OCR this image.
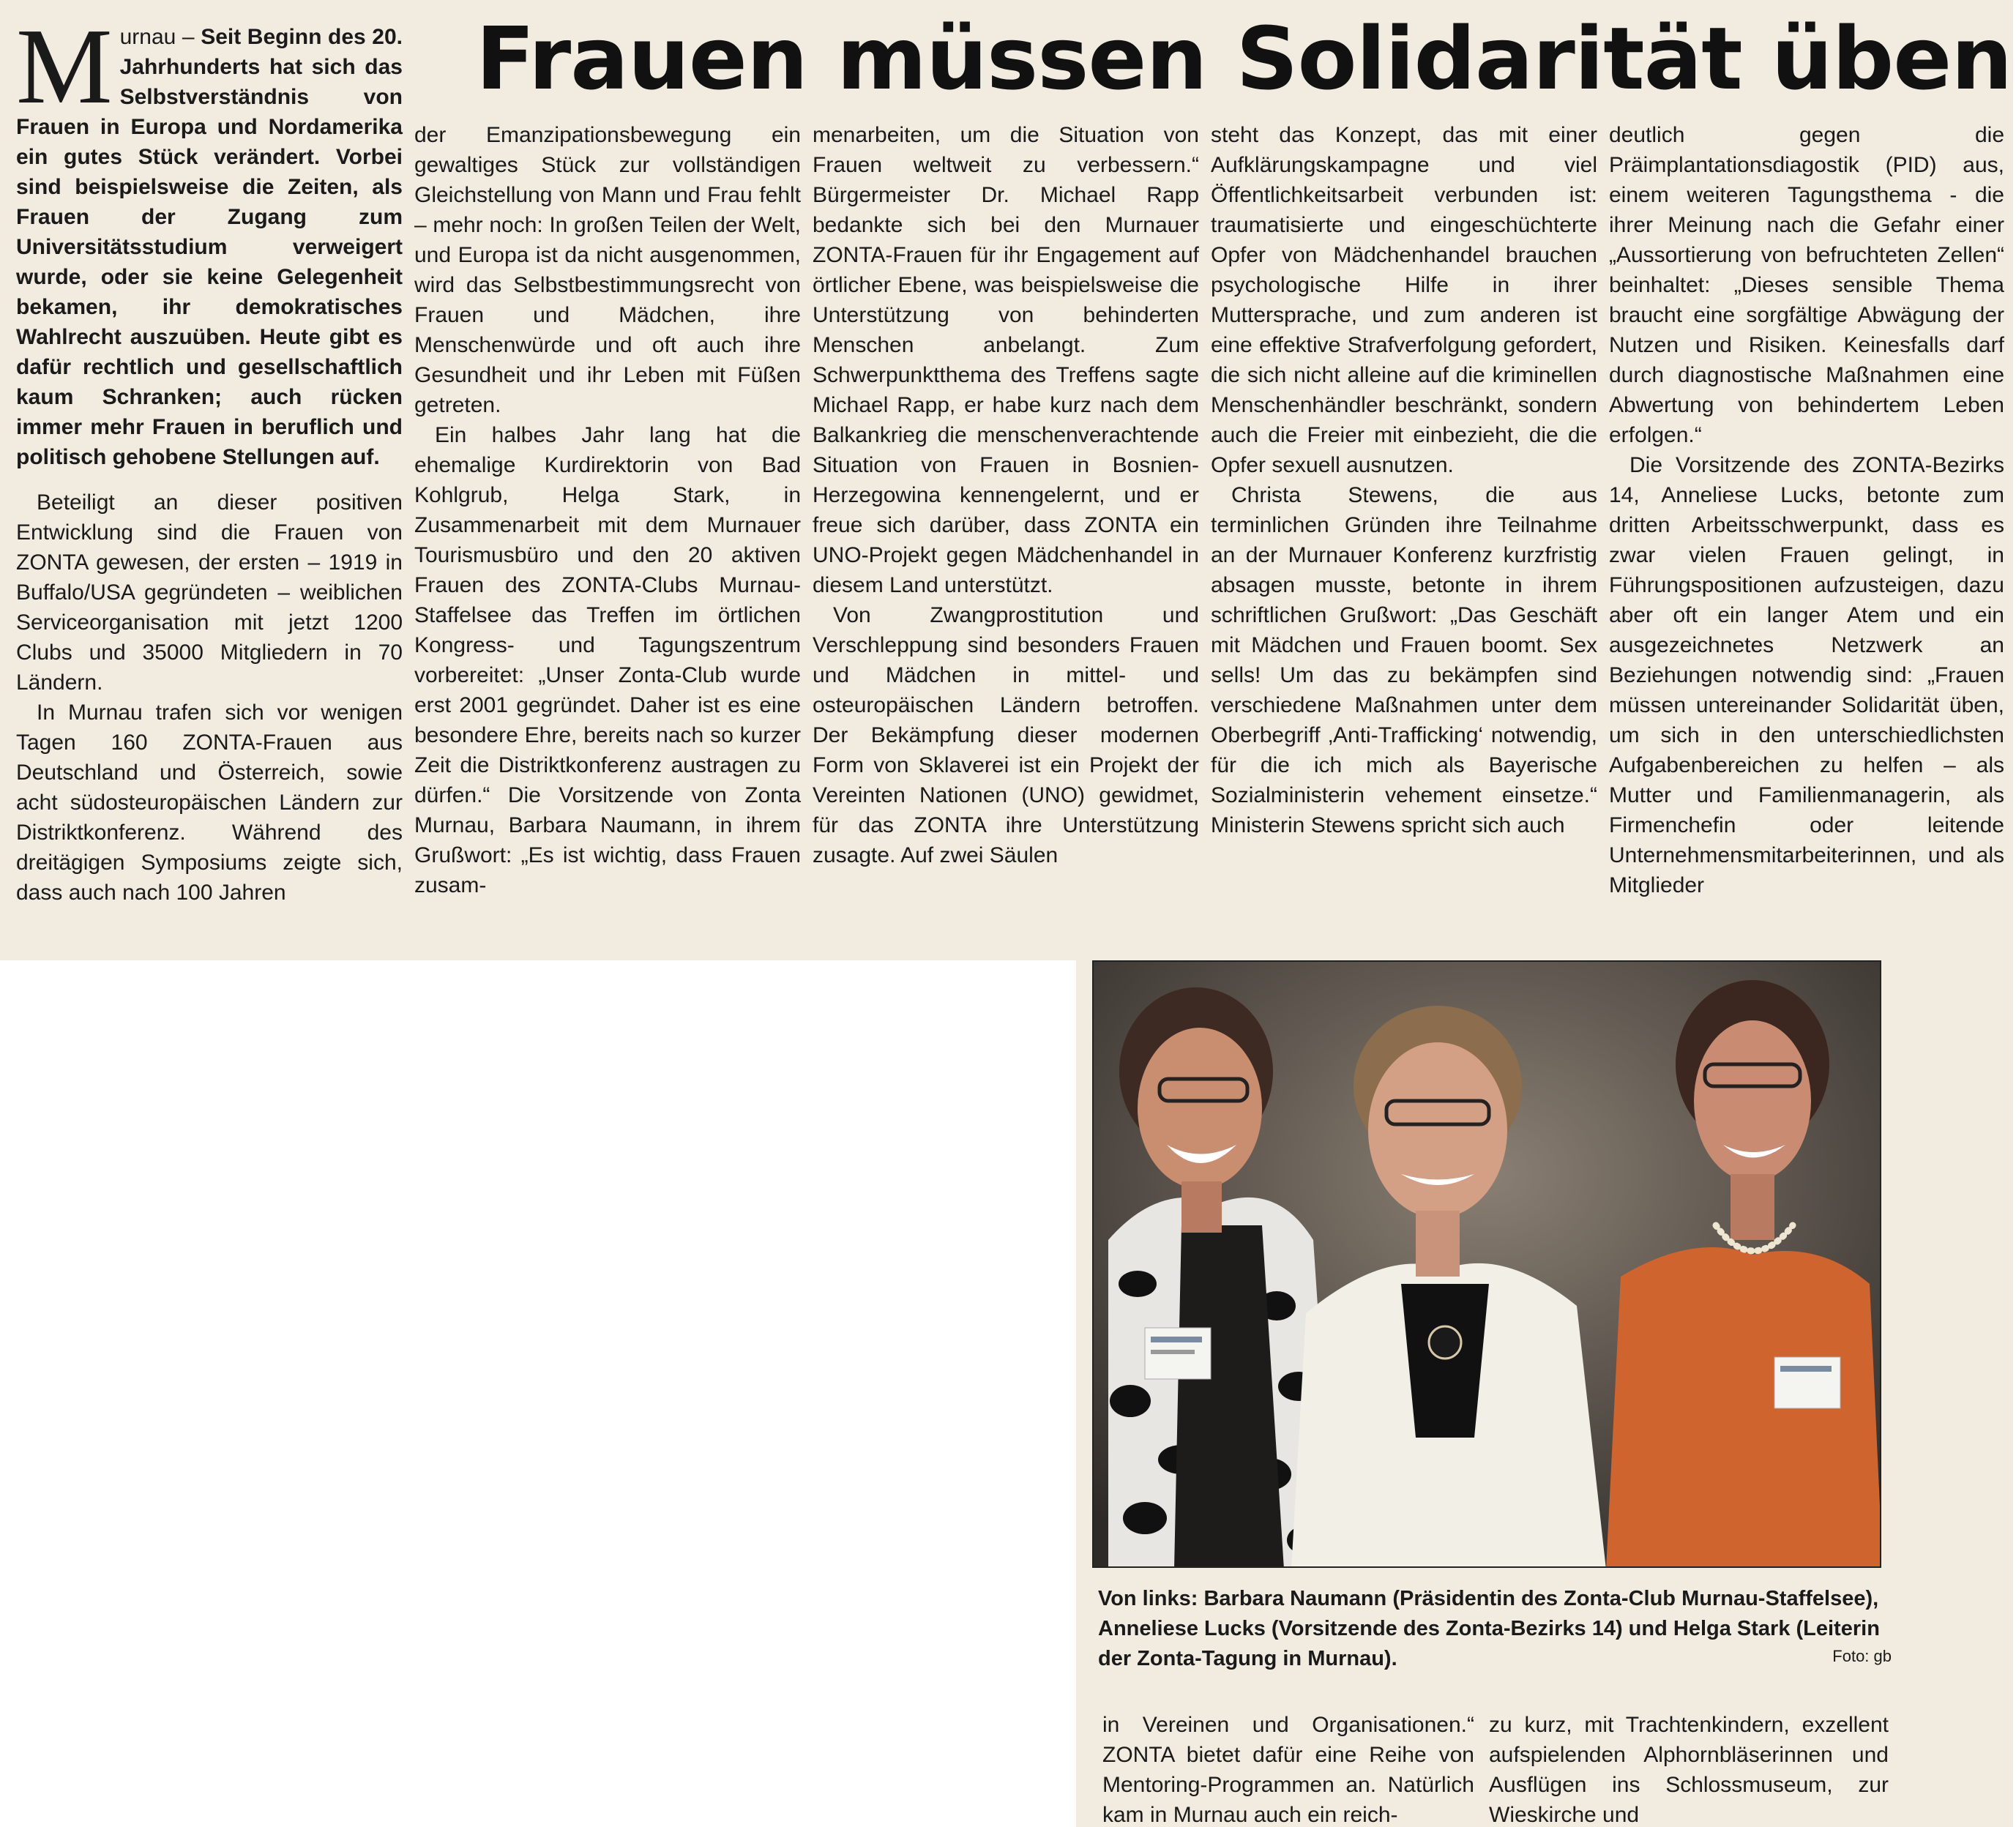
Frauen müssen Solidarität üben
M urnau – Seit Beginn des 20. Jahrhunderts hat sich das Selbstverständnis von Frauen in Europa und Nordamerika ein gutes Stück verändert. Vorbei sind beispielsweise die Zeiten, als Frauen der Zugang zum Universitätsstudium verweigert wurde, oder sie keine Gelegenheit bekamen, ihr demokratisches Wahlrecht auszuüben. Heute gibt es dafür rechtlich und gesellschaftlich kaum Schranken; auch rücken immer mehr Frauen in beruflich und politisch gehobene Stellungen auf.

Beteiligt an dieser positiven Entwicklung sind die Frauen von ZONTA gewesen, der ersten – 1919 in Buffalo/USA gegründeten – weiblichen Serviceorganisation mit jetzt 1200 Clubs und 35000 Mitgliedern in 70 Ländern.

In Murnau trafen sich vor wenigen Tagen 160 ZONTA-Frauen aus Deutschland und Österreich, sowie acht südosteuropäischen Ländern zur Distriktkonferenz. Während des dreitägigen Symposiums zeigte sich, dass auch nach 100 Jahren

der Emanzipationsbewegung ein gewaltiges Stück zur vollständigen Gleichstellung von Mann und Frau fehlt – mehr noch: In großen Teilen der Welt, und Europa ist da nicht ausgenommen, wird das Selbstbestimmungsrecht von Frauen und Mädchen, ihre Menschenwürde und oft auch ihre Gesundheit und ihr Leben mit Füßen getreten.

Ein halbes Jahr lang hat die ehemalige Kurdirektorin von Bad Kohlgrub, Helga Stark, in Zusammenarbeit mit dem Murnauer Tourismusbüro und den 20 aktiven Frauen des ZONTA-Clubs Murnau-Staffelsee das Treffen im örtlichen Kongress- und Tagungszentrum vorbereitet: „Unser Zonta-Club wurde erst 2001 gegründet. Daher ist es eine besondere Ehre, bereits nach so kurzer Zeit die Distriktkonferenz austragen zu dürfen.“ Die Vorsitzende von Zonta Murnau, Barbara Naumann, in ihrem Grußwort: „Es ist wichtig, dass Frauen zusam-

menarbeiten, um die Situation von Frauen weltweit zu verbessern.“ Bürgermeister Dr. Michael Rapp bedankte sich bei den Murnauer ZONTA-Frauen für ihr Engagement auf örtlicher Ebene, was beispielsweise die Unterstützung von behinderten Menschen anbelangt. Zum Schwerpunktthema des Treffens sagte Michael Rapp, er habe kurz nach dem Balkankrieg die menschenverachtende Situation von Frauen in Bosnien-Herzegowina kennengelernt, und er freue sich darüber, dass ZONTA ein UNO-Projekt gegen Mädchenhandel in diesem Land unterstützt.

Von Zwangprostitution und Verschleppung sind besonders Frauen und Mädchen in mittel- und osteuropäischen Ländern betroffen. Der Bekämpfung dieser modernen Form von Sklaverei ist ein Projekt der Vereinten Nationen (UNO) gewidmet, für das ZONTA ihre Unterstützung zusagte. Auf zwei Säulen

steht das Konzept, das mit einer Aufklärungskampagne und viel Öffentlichkeitsarbeit verbunden ist: traumatisierte und eingeschüchterte Opfer von Mädchenhandel brauchen psychologische Hilfe in ihrer Muttersprache, und zum anderen ist eine effektive Strafverfolgung gefordert, die sich nicht alleine auf die kriminellen Menschenhändler beschränkt, sondern auch die Freier mit einbezieht, die die Opfer sexuell ausnutzen.

Christa Stewens, die aus terminlichen Gründen ihre Teilnahme an der Murnauer Konferenz kurzfristig absagen musste, betonte in ihrem schriftlichen Grußwort: „Das Geschäft mit Mädchen und Frauen boomt. Sex sells! Um das zu bekämpfen sind verschiedene Maßnahmen unter dem Oberbegriff ‚Anti-Trafficking‘ notwendig, für die ich mich als Bayerische Sozialministerin vehement einsetze.“ Ministerin Stewens spricht sich auch

deutlich gegen die Präimplantationsdiagostik (PID) aus, einem weiteren Tagungsthema - die ihrer Meinung nach die Gefahr einer „Aussortierung von befruchteten Zellen“ beinhaltet: „Dieses sensible Thema braucht eine sorgfältige Abwägung der Nutzen und Risiken. Keinesfalls darf durch diagnostische Maßnahmen eine Abwertung von behindertem Leben erfolgen.“

Die Vorsitzende des ZONTA-Bezirks 14, Anneliese Lucks, betonte zum dritten Arbeitsschwerpunkt, dass es zwar vielen Frauen gelingt, in Führungspositionen aufzusteigen, dazu aber oft ein langer Atem und ein ausgezeichnetes Netzwerk an Beziehungen notwendig sind: „Frauen müssen untereinander Solidarität üben, um sich in den unterschiedlichsten Aufgabenbereichen zu helfen – als Mutter und Familienmanagerin, als Firmenchefin oder leitende Unternehmensmitarbeiterinnen, und als Mitglieder

Von links: Barbara Naumann (Präsidentin des Zonta-Club Murnau-Staffelsee), Anneliese Lucks (Vorsitzende des Zonta-Bezirks 14) und Helga Stark (Leiterin der Zonta-Tagung in Murnau).	Foto: gb
in Vereinen und Organisationen.“ ZONTA bietet dafür eine Reihe von Mentoring-Programmen an. Natürlich kam in Murnau auch ein reich-
zu kurz, mit Trachtenkindern, exzellent aufspielenden Alphornbläserinnen und Ausflügen ins Schlossmuseum, zur Wieskirche und
